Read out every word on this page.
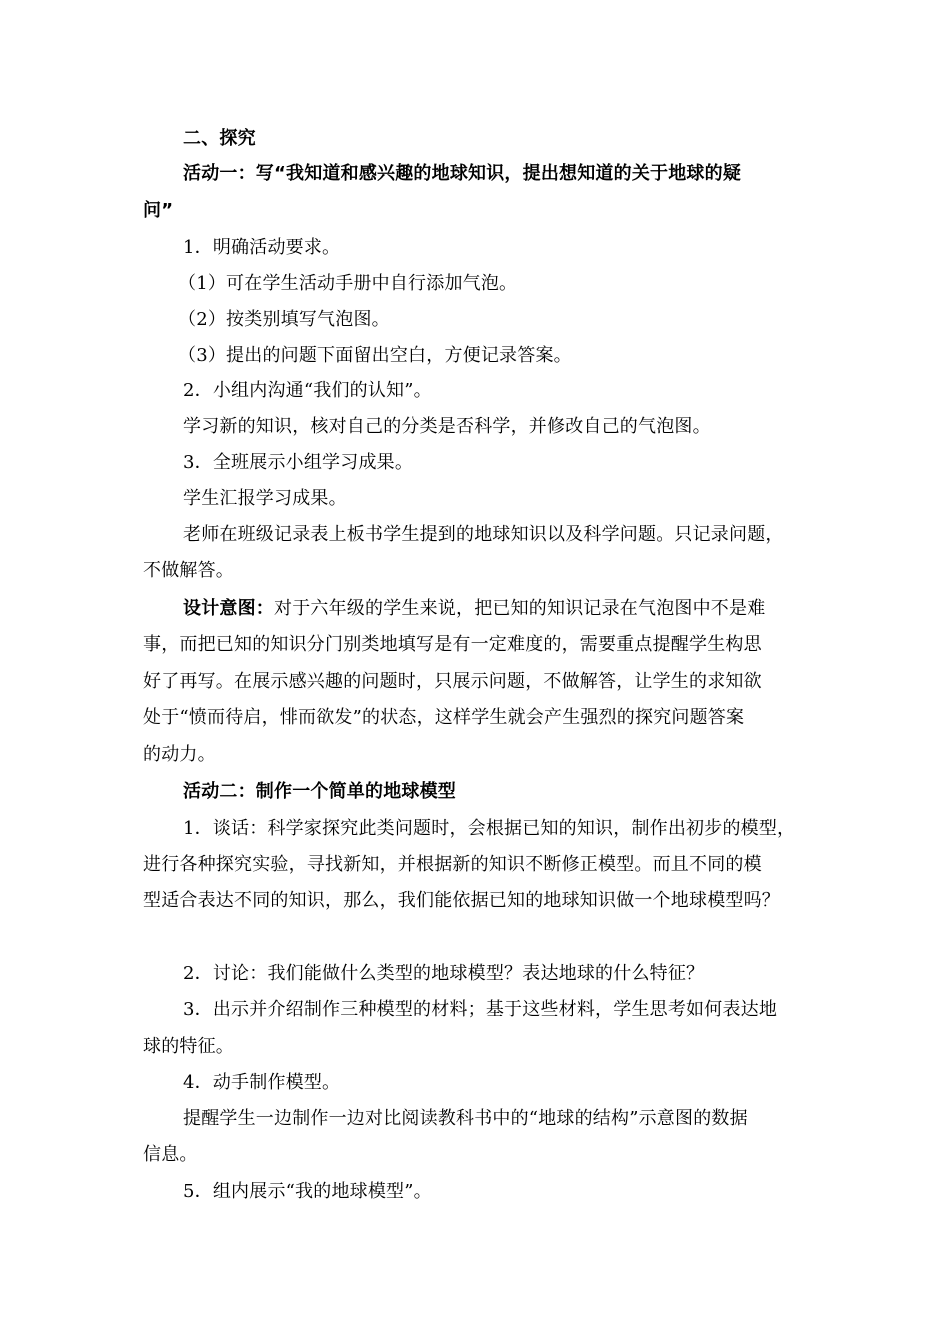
二、探究
活动一：写“我知道和感兴趣的地球知识，提出想知道的关于地球的疑
问”
1．明确活动要求。
（1）可在学生活动手册中自行添加气泡。
（2）按类别填写气泡图。
（3）提出的问题下面留出空白，方便记录答案。
2．小组内沟通“我们的认知”。
学习新的知识，核对自己的分类是否科学，并修改自己的气泡图。
3．全班展示小组学习成果。
学生汇报学习成果。
老师在班级记录表上板书学生提到的地球知识以及科学问题。只记录问题，
不做解答。
设计意图：对于六年级的学生来说，把已知的知识记录在气泡图中不是难
事，而把已知的知识分门别类地填写是有一定难度的，需要重点提醒学生构思
好了再写。在展示感兴趣的问题时，只展示问题，不做解答，让学生的求知欲
处于“愤而待启，悱而欲发”的状态，这样学生就会产生强烈的探究问题答案
的动力。
活动二：制作一个简单的地球模型
1．谈话：科学家探究此类问题时，会根据已知的知识，制作出初步的模型，
进行各种探究实验，寻找新知，并根据新的知识不断修正模型。而且不同的模
型适合表达不同的知识，那么，我们能依据已知的地球知识做一个地球模型吗？
2．讨论：我们能做什么类型的地球模型？表达地球的什么特征？
3．出示并介绍制作三种模型的材料；基于这些材料，学生思考如何表达地
球的特征。
4．动手制作模型。
提醒学生一边制作一边对比阅读教科书中的“地球的结构”示意图的数据
信息。
5．组内展示“我的地球模型”。
